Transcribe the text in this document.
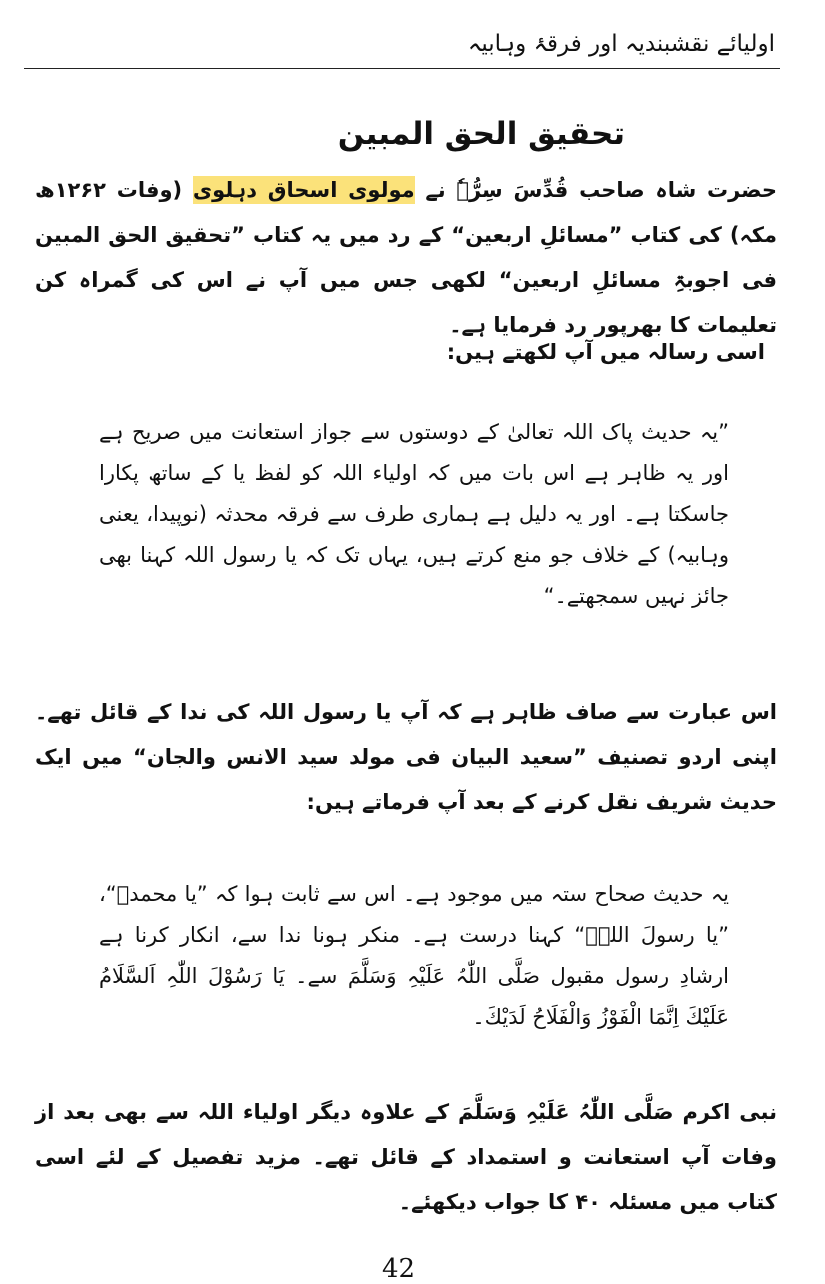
اولیائے نقشبندیہ اور فرقۂ وہابیہ
تحقیق الحق المبین

حضرت شاہ صاحب قُدِّسَ سِرُّہٗ نے مولوی اسحاق دہلوی (وفات ۱۲۶۲ھ مکہ) کی کتاب ”مسائلِ اربعین“ کے رد میں یہ کتاب ”تحقیق الحق المبین فی اجوبۃِ مسائلِ اربعین“ لکھی جس میں آپ نے اس کی گمراہ کن تعلیمات کا بھرپور رد فرمایا ہے۔

اسی رسالہ میں آپ لکھتے ہیں:

”یہ حدیث پاک اللہ تعالیٰ کے دوستوں سے جواز استعانت میں صریح ہے اور یہ ظاہر ہے اس بات میں کہ اولیاء اللہ کو لفظ یا کے ساتھ پکارا جاسکتا ہے۔ اور یہ دلیل ہے ہماری طرف سے فرقہ محدثہ (نوپیدا، یعنی وہابیہ) کے خلاف جو منع کرتے ہیں، یہاں تک کہ یا رسول اللہ کہنا بھی جائز نہیں سمجھتے۔“

اس عبارت سے صاف ظاہر ہے کہ آپ یا رسول اللہ کی ندا کے قائل تھے۔ اپنی اردو تصنیف ”سعید البیان فی مولد سید الانس والجان“ میں ایک حدیث شریف نقل کرنے کے بعد آپ فرماتے ہیں:

یہ حدیث صحاح ستہ میں موجود ہے۔ اس سے ثابت ہوا کہ ”یا محمدؐ“، ”یا رسولَ اللہؐ“ کہنا درست ہے۔ منکر ہونا ندا سے، انکار کرنا ہے ارشادِ رسول مقبول صَلَّی اللّٰہُ عَلَیْہِ وَسَلَّمَ سے۔ یَا رَسُوْلَ اللّٰہِ اَلسَّلَامُ عَلَیْكَ اِنَّمَا الْفَوْزُ وَالْفَلَاحُ لَدَیْكَ۔

نبی اکرم صَلَّی اللّٰہُ عَلَیْہِ وَسَلَّمَ کے علاوہ دیگر اولیاء اللہ سے بھی بعد از وفات آپ استعانت و استمداد کے قائل تھے۔ مزید تفصیل کے لئے اسی کتاب میں مسئلہ ۴۰ کا جواب دیکھئے۔

42
